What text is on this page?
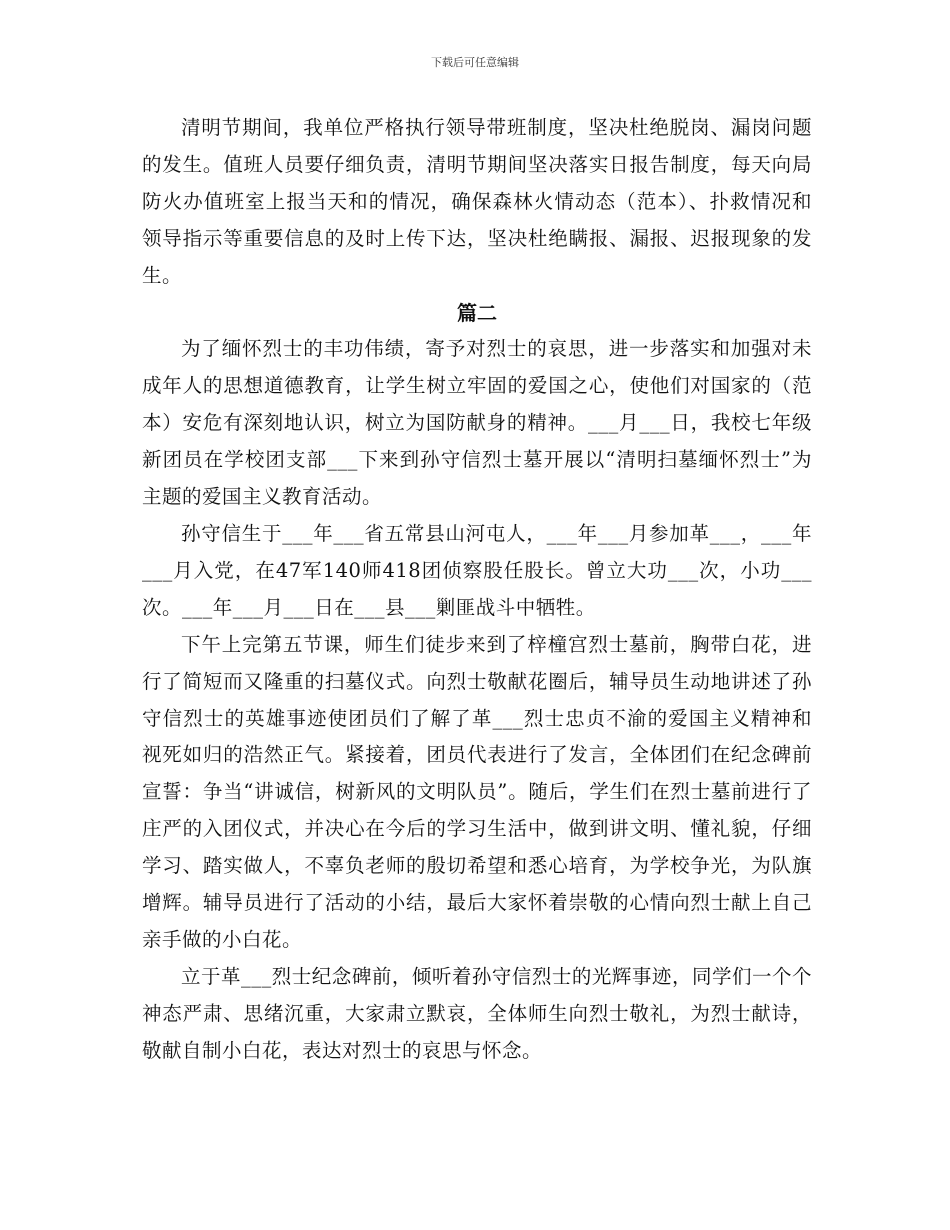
下载后可任意编辑

清明节期间，我单位严格执行领导带班制度，坚决杜绝脱岗、漏岗问题的发生。值班人员要仔细负责，清明节期间坚决落实日报告制度，每天向局防火办值班室上报当天和的情况，确保森林火情动态（范本）、扑救情况和领导指示等重要信息的及时上传下达，坚决杜绝瞒报、漏报、迟报现象的发生。

篇二

为了缅怀烈士的丰功伟绩，寄予对烈士的哀思，进一步落实和加强对未成年人的思想道德教育，让学生树立牢固的爱国之心，使他们对国家的（范本）安危有深刻地认识，树立为国防献身的精神。___月___日，我校七年级新团员在学校团支部___下来到孙守信烈士墓开展以“清明扫墓缅怀烈士”为主题的爱国主义教育活动。

孙守信生于___年___省五常县山河屯人，___年___月参加革___，___年___月入党，在47军140师418团侦察股任股长。曾立大功___次，小功___次。___年___月___日在___县___剿匪战斗中牺牲。

下午上完第五节课，师生们徒步来到了梓橦宫烈士墓前，胸带白花，进行了简短而又隆重的扫墓仪式。向烈士敬献花圈后，辅导员生动地讲述了孙守信烈士的英雄事迹使团员们了解了革___烈士忠贞不渝的爱国主义精神和视死如归的浩然正气。紧接着，团员代表进行了发言，全体团们在纪念碑前宣誓：争当“讲诚信，树新风的文明队员”。随后，学生们在烈士墓前进行了庄严的入团仪式，并决心在今后的学习生活中，做到讲文明、懂礼貌，仔细学习、踏实做人，不辜负老师的殷切希望和悉心培育，为学校争光，为队旗增辉。辅导员进行了活动的小结，最后大家怀着崇敬的心情向烈士献上自己亲手做的小白花。

立于革___烈士纪念碑前，倾听着孙守信烈士的光辉事迹，同学们一个个神态严肃、思绪沉重，大家肃立默哀，全体师生向烈士敬礼，为烈士献诗，敬献自制小白花，表达对烈士的哀思与怀念。
